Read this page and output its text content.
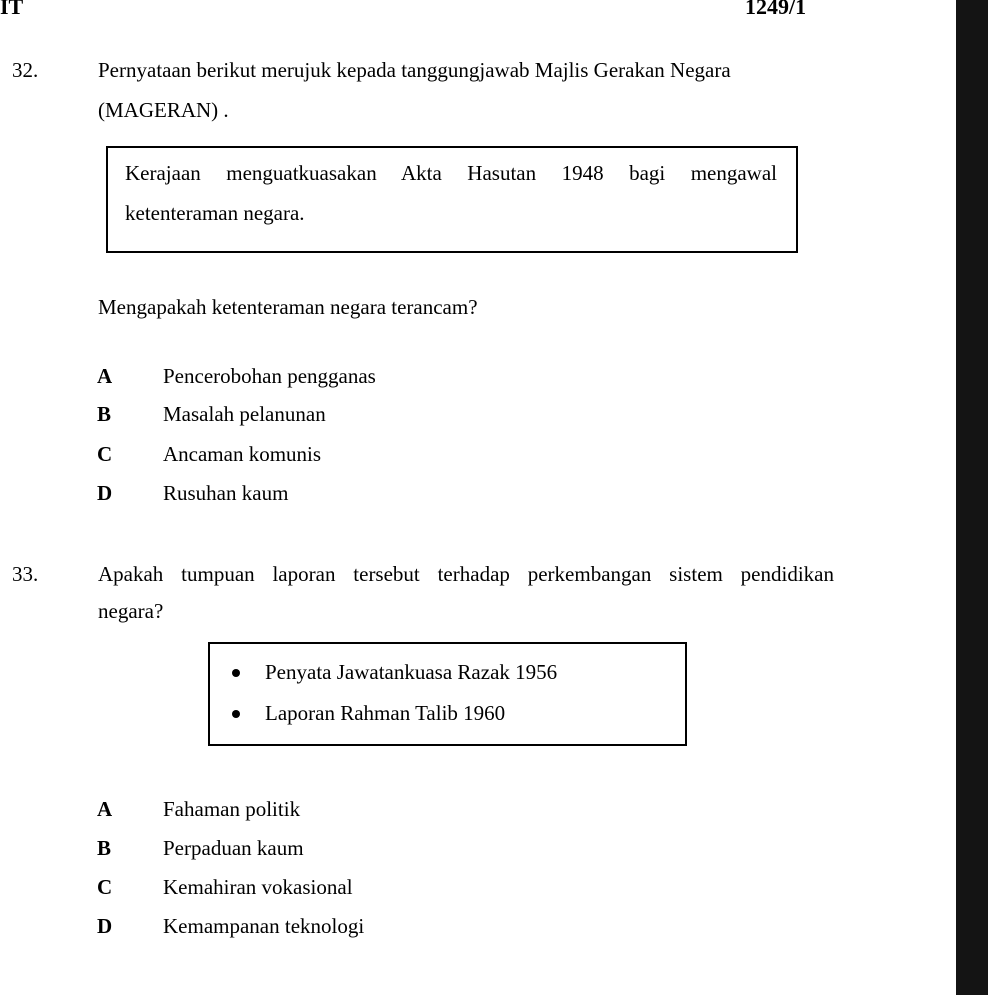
IT	1249/1
32.	Pernyataan berikut merujuk kepada tanggungjawab Majlis Gerakan Negara
(MAGERAN) .
Kerajaan menguatkuasakan Akta Hasutan 1948 bagi mengawal
ketenteraman negara.
Mengapakah ketenteraman negara terancam?
A Pencerobohan pengganas
B Masalah pelanunan
C Ancaman komunis
D Rusuhan kaum
33.	Apakah tumpuan laporan tersebut terhadap perkembangan sistem pendidikan
negara?
Penyata Jawatankuasa Razak 1956
Laporan Rahman Talib 1960
A Fahaman politik
B Perpaduan kaum
C Kemahiran vokasional
D Kemampanan teknologi
